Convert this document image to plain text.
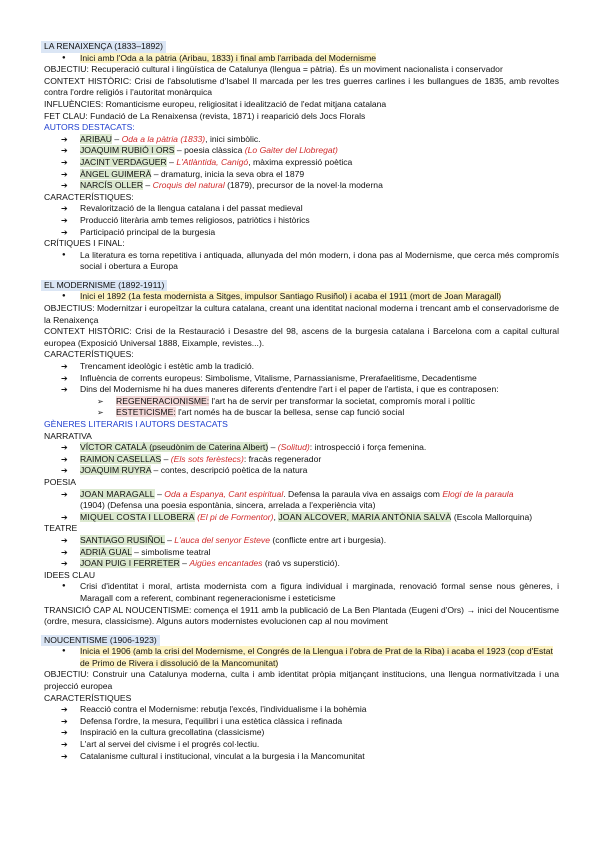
LA RENAIXENÇA (1833–1892)
● Inici amb l'Oda a la pàtria (Aribau, 1833) i final amb l'arribada del Modernisme
OBJECTIU: Recuperació cultural i lingüística de Catalunya (llengua = pàtria). És un moviment nacionalista i conservador
CONTEXT HISTÒRIC: Crisi de l'absolutisme d'Isabel II marcada per les tres guerres carlines i les bullangues de 1835, amb revoltes contra l'ordre religiós i l'autoritat monàrquica
INFLUÈNCIES: Romanticisme europeu, religiositat i idealització de l'edat mitjana catalana
FET CLAU: Fundació de La Renaixensa (revista, 1871) i reaparició dels Jocs Florals
AUTORS DESTACATS:
➔ ARIBAU – Oda a la pàtria (1833), inici simbòlic.
➔ JOAQUIM RUBIÓ I ORS – poesia clàssica (Lo Gaiter del Llobregat)
➔ JACINT VERDAGUER – L'Atlàntida, Canigó, màxima expressió poètica
➔ ÀNGEL GUIMERÀ – dramaturg, inicia la seva obra el 1879
➔ NARCÍS OLLER – Croquis del natural (1879), precursor de la novel·la moderna
CARACTERÍSTIQUES:
➔ Revalorització de la llengua catalana i del passat medieval
➔ Producció literària amb temes religiosos, patriòtics i històrics
➔ Participació principal de la burgesia
CRÍTIQUES I FINAL:
● La literatura es torna repetitiva i antiquada, allunyada del món modern, i dona pas al Modernisme, que cerca més compromís social i obertura a Europa
EL MODERNISME (1892-1911)
● Inici el 1892 (1a festa modernista a Sitges, impulsor Santiago Rusiñol) i acaba el 1911 (mort de Joan Maragall)
OBJECTIUS: Modernitzar i europeïtzar la cultura catalana, creant una identitat nacional moderna i trencant amb el conservadorisme de la Renaixença
CONTEXT HISTÒRIC: Crisi de la Restauració i Desastre del 98, ascens de la burgesia catalana i Barcelona com a capital cultural europea (Exposició Universal 1888, Eixample, revistes...).
CARACTERÍSTIQUES:
➔ Trencament ideològic i estètic amb la tradició.
➔ Influència de corrents europeus: Simbolisme, Vitalisme, Parnassianisme, Prerafaelitisme, Decadentisme
➔ Dins del Modernisme hi ha dues maneres diferents d'entendre l'art i el paper de l'artista, i que es contraposen:
➢ REGENERACIONISME: l'art ha de servir per transformar la societat, compromís moral i polític
➢ ESTETICISME: l'art només ha de buscar la bellesa, sense cap funció social
GÈNERES LITERARIS I AUTORS DESTACATS
NARRATIVA
➔ VÍCTOR CATALÀ (pseudònim de Caterina Albert) – (Solitud): introspecció i força femenina.
➔ RAIMON CASELLAS – (Els sots ferèstecs): fracàs regenerador
➔ JOAQUIM RUYRA – contes, descripció poètica de la natura
POESIA
➔ JOAN MARAGALL – Oda a Espanya, Cant espiritual. Defensa la paraula viva en assaigs com Elogi de la paraula
(1904) (Defensa una poesia espontània, sincera, arrelada a l'experiència vita)
➔ MIQUEL COSTA I LLOBERA (El pi de Formentor), JOAN ALCOVER, MARIA ANTÒNIA SALVÀ (Escola Mallorquina)
TEATRE
➔ SANTIAGO RUSIÑOL – L'auca del senyor Esteve (conflicte entre art i burgesia).
➔ ADRIÀ GUAL – simbolisme teatral
➔ JOAN PUIG I FERRETER – Aigües encantades (raó vs superstició).
IDEES CLAU
● Crisi d'identitat i moral, artista modernista com a figura individual i marginada, renovació formal sense nous gèneres, i Maragall com a referent, combinant regeneracionisme i esteticisme
TRANSICIÓ CAP AL NOUCENTISME: comença el 1911 amb la publicació de La Ben Plantada (Eugeni d'Ors) → inici del Noucentisme (ordre, mesura, classicisme). Alguns autors modernistes evolucionen cap al nou moviment
NOUCENTISME (1906-1923)
● Inicia el 1906 (amb la crisi del Modernisme, el Congrés de la Llengua i l'obra de Prat de la Riba) i acaba el 1923 (cop d'Estat de Primo de Rivera i dissolució de la Mancomunitat)
OBJECTIU: Construir una Catalunya moderna, culta i amb identitat pròpia mitjançant institucions, una llengua normativitzada i una projecció europea
CARACTERÍSTIQUES
➔ Reacció contra el Modernisme: rebutja l'excés, l'individualisme i la bohèmia
➔ Defensa l'ordre, la mesura, l'equilibri i una estètica clàssica i refinada
➔ Inspiració en la cultura grecollatina (classicisme)
➔ L'art al servei del civisme i el progrés col·lectiu.
➔ Catalanisme cultural i institucional, vinculat a la burgesia i la Mancomunitat
